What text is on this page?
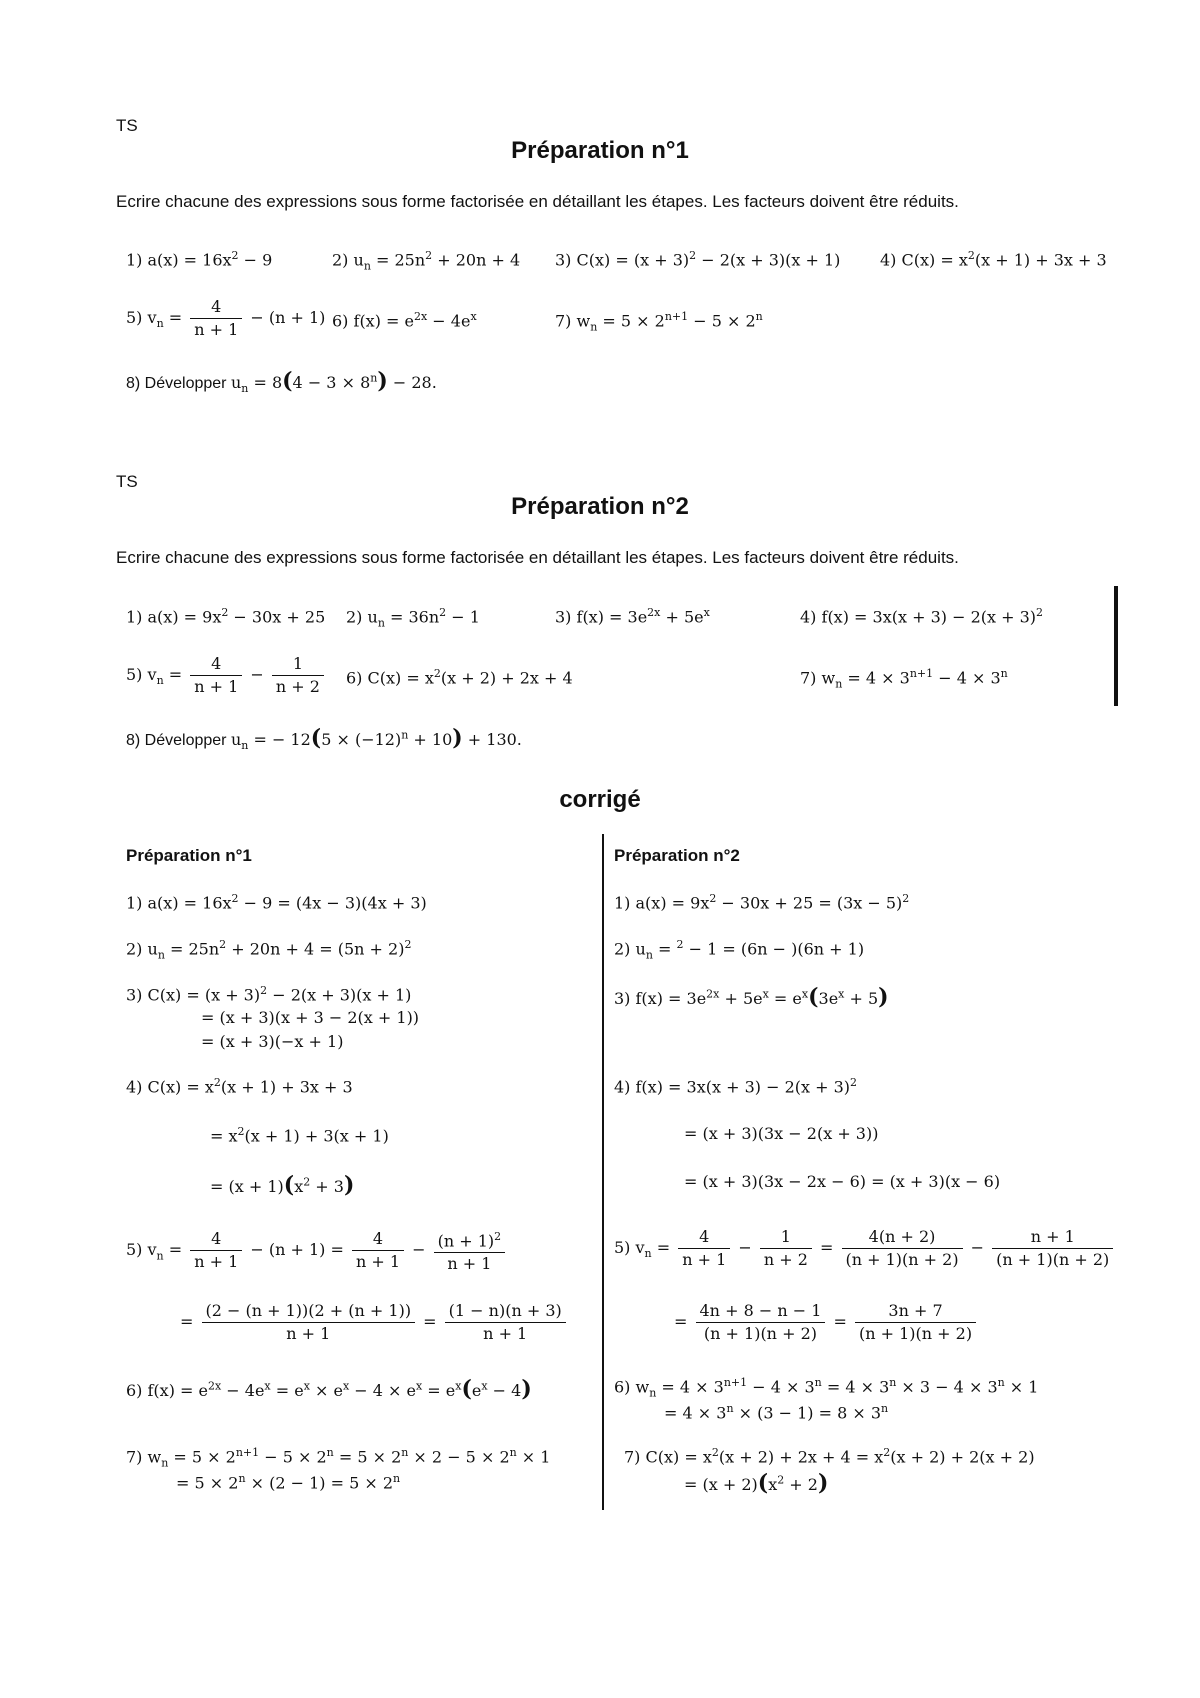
TS
Préparation n°1
Ecrire chacune des expressions sous forme factorisée en détaillant les étapes. Les facteurs doivent être réduits.
1) $a(x) = 16x^2 - 9$	2) $u_n = 25n^2 + 20n + 4$ 3) $C(x) = (x + 3)^2 - 2(x + 3)(x + 1)$ 4) $C(x) = x^2(x + 1) + 3x + 3$
5) $v_n = \frac{4}{n + 1} - (n + 1)$ 6) $f(x) = e^{2x} - 4e^x$	7) $w_n = 5 \times 2^{n+1} - 5 \times 2^n$
8) Développer $u_n = 8(4 - 3 \times 8^n) - 28$.
TS
Préparation n°2
Ecrire chacune des expressions sous forme factorisée en détaillant les étapes. Les facteurs doivent être réduits.
1) $a(x) = 9x^2 - 30x + 25$ 2) $u_n = 36n^2 - 1$	3) $f(x) = 3e^{2x} + 5e^x$	4) $f(x) = 3x(x + 3) - 2(x + 3)^2$
5) $v_n = \frac{4}{n + 1} - \frac{1}{n + 2} 6$) $C(x) = x^2(x + 2) + 2x + 4$	7) $w_n = 4 \times 3^{n+1} - 4 \times 3^n$
8) Développer $u_n$ = − $12(5 \times (-12)^n + 10) + 130$.
corrigé
Préparation n°1	Préparation n°2
1) $a(x) = 16x^2 - 9 = (4x - 3)(4x + 3)$
2) $u_n = 25n^2 + 20n + 4 = (5n + 2)^2$
3) $C(x) = (x + 3)^2 - 2(x + 3)(x + 1)$
= (x + 3)(x + 3 − 2(x + 1))
= (x + 3)(−x + 1)
4) $C(x) = x^2(x + 1) + 3x + 3$
= $x^2(x + 1) + 3(x + 1)$
= $(x + 1)(x^2 + 3)$
5) $v_n = \frac{4}{n + 1} - (n + 1) = \frac{4}{n + 1} - \frac{(n + 1)^2}{n + 1}$
= $\frac{(2 - (n + 1))(2 + (n + 1))}{n + 1} = \frac{(1 - n)(n + 3)}{n + 1}$
6) $f(x) = e^{2x} - 4e^x = e^x \times e^x - 4 \times e^x = e^x(e^x - 4)$
7) $w_n = 5 \times 2^{n+1} - 5 \times 2^n = 5 \times 2^n \times 2 - 5 \times 2^n \times 1$
= $5 \times 2^n \times (2 - 1) = 5 \times 2^n$
1) $a(x) = 9x^2 - 30x + 25 = (3x - 5)^2$
2) $u_n = ^2 - 1 = (6n - )(6n + 1)$
3) $f(x) = 3e^{2x} + 5e^x = e^x(3e^x + 5)$
4) $f(x) = 3x(x + 3) - 2(x + 3)^2$
= (x + 3)(3x − 2(x + 3))
= (x + 3)(3x − 2x − 6) = (x + 3)(x − 6)
5) $v_n = \frac{4}{n + 1} - \frac{1}{n + 2} = \frac{4(n + 2)}{(n + 1)(n + 2)} - \frac{n + 1}{(n + 1)(n + 2)}$
= $\frac{4n + 8 - n - 1}{(n + 1)(n + 2)} = \frac{3n + 7}{(n + 1)(n + 2)}$
6) $w_n = 4 \times 3^{n+1} - 4 \times 3^n = 4 \times 3^n \times 3 - 4 \times 3^n \times 1$
= $4 \times 3^n \times (3 - 1) = 8 \times 3^n$
7) $C(x) = x^2(x + 2) + 2x + 4 = x^2(x + 2) + 2(x + 2)$
= $(x + 2)(x^2 + 2)$
